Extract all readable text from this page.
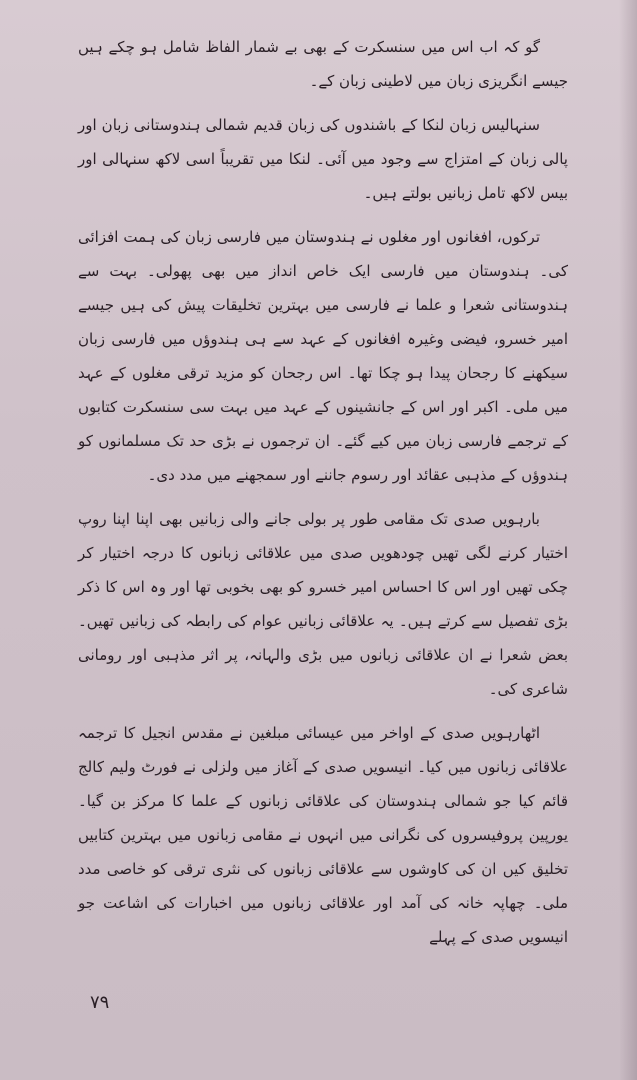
گو کہ اب اس میں سنسکرت کے بھی بے شمار الفاظ شامل ہو چکے ہیں جیسے انگریزی زبان میں لاطینی زبان کے۔

سنہالیس زبان لنکا کے باشندوں کی زبان قدیم شمالی ہندوستانی زبان اور پالی زبان کے امتزاج سے وجود میں آئی۔ لنکا میں تقریباً اسی لاکھ سنہالی اور بیس لاکھ تامل زبانیں بولتے ہیں۔

ترکوں، افغانوں اور مغلوں نے ہندوستان میں فارسی زبان کی ہمت افزائی کی۔ ہندوستان میں فارسی ایک خاص انداز میں بھی پھولی۔ بہت سے ہندوستانی شعرا و علما نے فارسی میں بہترین تخلیقات پیش کی ہیں جیسے امیر خسرو، فیضی وغیرہ افغانوں کے عہد سے ہی ہندوؤں میں فارسی زبان سیکھنے کا رجحان پیدا ہو چکا تھا۔ اس رجحان کو مزید ترقی مغلوں کے عہد میں ملی۔ اکبر اور اس کے جانشینوں کے عہد میں بہت سی سنسکرت کتابوں کے ترجمے فارسی زبان میں کیے گئے۔ ان ترجموں نے بڑی حد تک مسلمانوں کو ہندوؤں کے مذہبی عقائد اور رسوم جاننے اور سمجھنے میں مدد دی۔

بارہویں صدی تک مقامی طور پر بولی جانے والی زبانیں بھی اپنا اپنا روپ اختیار کرنے لگی تھیں چودھویں صدی میں علاقائی زبانوں کا درجہ اختیار کر چکی تھیں اور اس کا احساس امیر خسرو کو بھی بخوبی تھا اور وہ اس کا ذکر بڑی تفصیل سے کرتے ہیں۔ یہ علاقائی زبانیں عوام کی رابطہ کی زبانیں تھیں۔ بعض شعرا نے ان علاقائی زبانوں میں بڑی والہانہ، پر اثر مذہبی اور رومانی شاعری کی۔

اٹھارہویں صدی کے اواخر میں عیسائی مبلغین نے مقدس انجیل کا ترجمہ علاقائی زبانوں میں کیا۔ انیسویں صدی کے آغاز میں ولزلی نے فورٹ ولیم کالج قائم کیا جو شمالی ہندوستان کی علاقائی زبانوں کے علما کا مرکز بن گیا۔ یورپین پروفیسروں کی نگرانی میں انہوں نے مقامی زبانوں میں بہترین کتابیں تخلیق کیں ان کی کاوشوں سے علاقائی زبانوں کی نثری ترقی کو خاصی مدد ملی۔ چھاپہ خانہ کی آمد اور علاقائی زبانوں میں اخبارات کی اشاعت جو انیسویں صدی کے پہلے

۷۹
